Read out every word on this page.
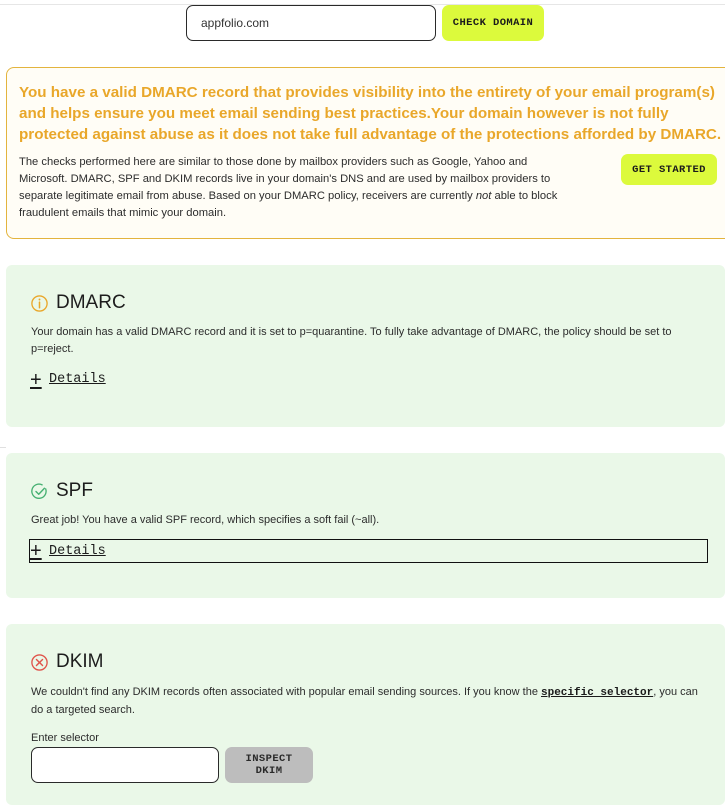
appfolio.com
CHECK DOMAIN

You have a valid DMARC record that provides visibility into the entirety of your email program(s) and helps ensure you meet email sending best practices.Your domain however is not fully protected against abuse as it does not take full advantage of the protections afforded by DMARC.

The checks performed here are similar to those done by mailbox providers such as Google, Yahoo and Microsoft. DMARC, SPF and DKIM records live in your domain's DNS and are used by mailbox providers to separate legitimate email from abuse. Based on your DMARC policy, receivers are currently not able to block fraudulent emails that mimic your domain.

GET STARTED
DMARC

Your domain has a valid DMARC record and it is set to p=quarantine. To fully take advantage of DMARC, the policy should be set to p=reject.

+ Details
SPF

Great job! You have a valid SPF record, which specifies a soft fail (~all).

+ Details
DKIM

We couldn't find any DKIM records often associated with popular email sending sources. If you know the specific selector, you can do a targeted search.

Enter selector
INSPECT DKIM
